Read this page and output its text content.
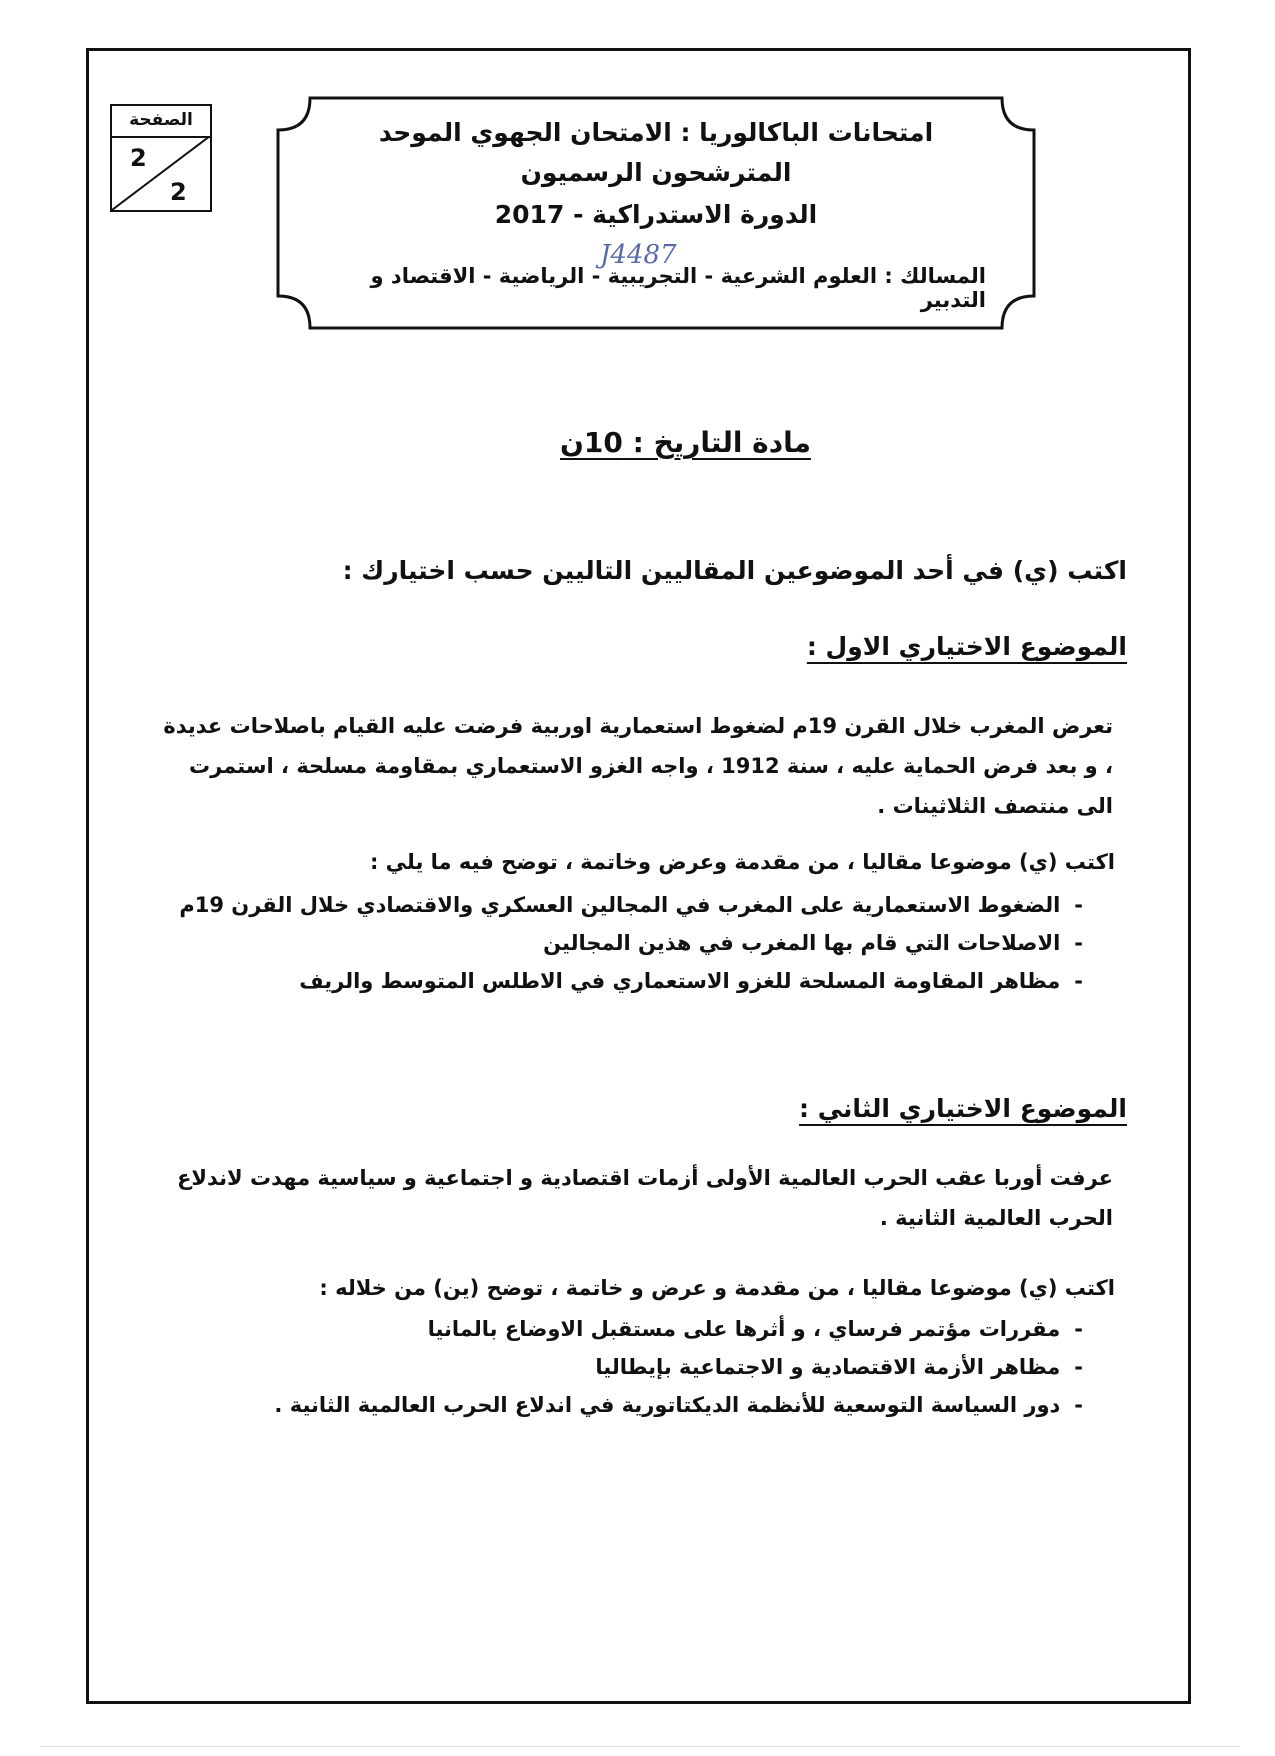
الصفحة
2
2
امتحانات الباكالوريا : الامتحان الجهوي الموحد
المترشحون الرسميون
الدورة الاستدراكية - 2017
المسالك : العلوم الشرعية - التجريبية - الرياضية - الاقتصاد و التدبير
J4487
مادة التاريخ : 10ن
اكتب (ي) في أحد الموضوعين المقاليين التاليين حسب اختيارك :
الموضوع الاختياري الاول :
تعرض المغرب خلال القرن 19م لضغوط استعمارية اوربية فرضت عليه القيام باصلاحات عديدة ، و بعد فرض الحماية عليه ، سنة 1912 ، واجه الغزو الاستعماري بمقاومة مسلحة ، استمرت الى منتصف الثلاثينات .
اكتب (ي) موضوعا مقاليا ، من مقدمة وعرض وخاتمة ، توضح فيه ما يلي :
- الضغوط الاستعمارية على المغرب في المجالين العسكري والاقتصادي خلال القرن 19م
- الاصلاحات التي قام بها المغرب في هذين المجالين
- مظاهر المقاومة المسلحة للغزو الاستعماري في الاطلس المتوسط والريف
الموضوع الاختياري الثاني :
عرفت أوربا عقب الحرب العالمية الأولى أزمات اقتصادية و اجتماعية و سياسية مهدت لاندلاع الحرب العالمية الثانية .
اكتب (ي) موضوعا مقاليا ، من مقدمة و عرض و خاتمة ، توضح (ين) من خلاله :
- مقررات مؤتمر فرساي ، و أثرها على مستقبل الاوضاع بالمانيا
- مظاهر الأزمة الاقتصادية و الاجتماعية بإيطاليا
- دور السياسة التوسعية للأنظمة الديكتاتورية في اندلاع الحرب العالمية الثانية .
